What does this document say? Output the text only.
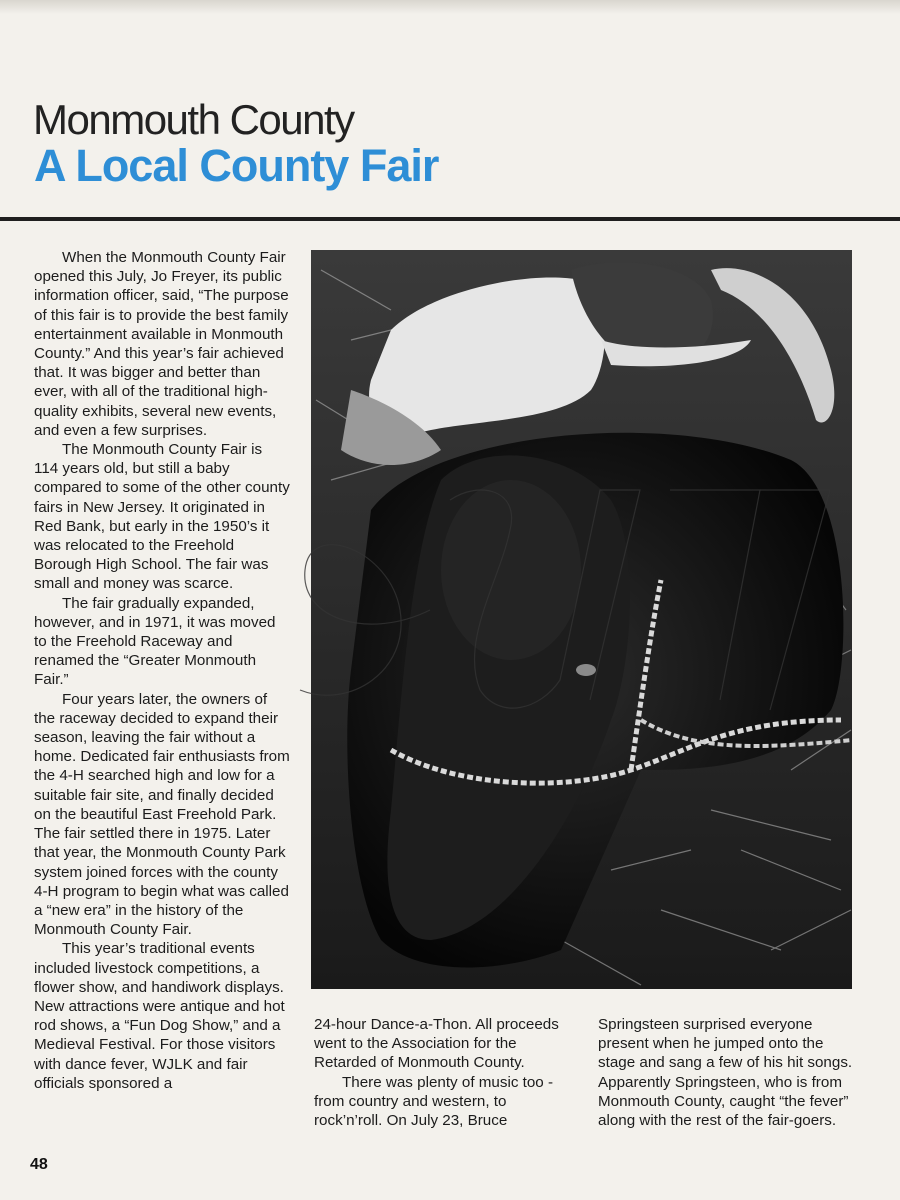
Monmouth County
A Local County Fair

When the Monmouth County Fair opened this July, Jo Freyer, its public information officer, said, “The purpose of this fair is to provide the best family entertainment available in Monmouth County.” And this year’s fair achieved that. It was bigger and better than ever, with all of the traditional high-quality exhibits, several new events, and even a few surprises.

The Monmouth County Fair is 114 years old, but still a baby compared to some of the other county fairs in New Jersey. It originated in Red Bank, but early in the 1950’s it was relocated to the Freehold Borough High School. The fair was small and money was scarce.

The fair gradually expanded, however, and in 1971, it was moved to the Freehold Raceway and renamed the “Greater Monmouth Fair.”

Four years later, the owners of the raceway decided to expand their season, leaving the fair without a home. Dedicated fair enthusiasts from the 4-H searched high and low for a suitable fair site, and finally decided on the beautiful East Freehold Park. The fair settled there in 1975. Later that year, the Monmouth County Park system joined forces with the county 4-H program to begin what was called a “new era” in the history of the Monmouth County Fair.

This year’s traditional events included livestock competitions, a flower show, and handiwork displays. New attractions were antique and hot rod shows, a “Fun Dog Show,” and a Medieval Festival. For those visitors with dance fever, WJLK and fair officials sponsored a

24-hour Dance-a-Thon. All proceeds went to the Association for the Retarded of Monmouth County.

There was plenty of music too - from country and western, to rock’n’roll. On July 23, Bruce

Springsteen surprised everyone present when he jumped onto the stage and sang a few of his hit songs. Apparently Springsteen, who is from Monmouth County, caught “the fever” along with the rest of the fair-goers.

48
